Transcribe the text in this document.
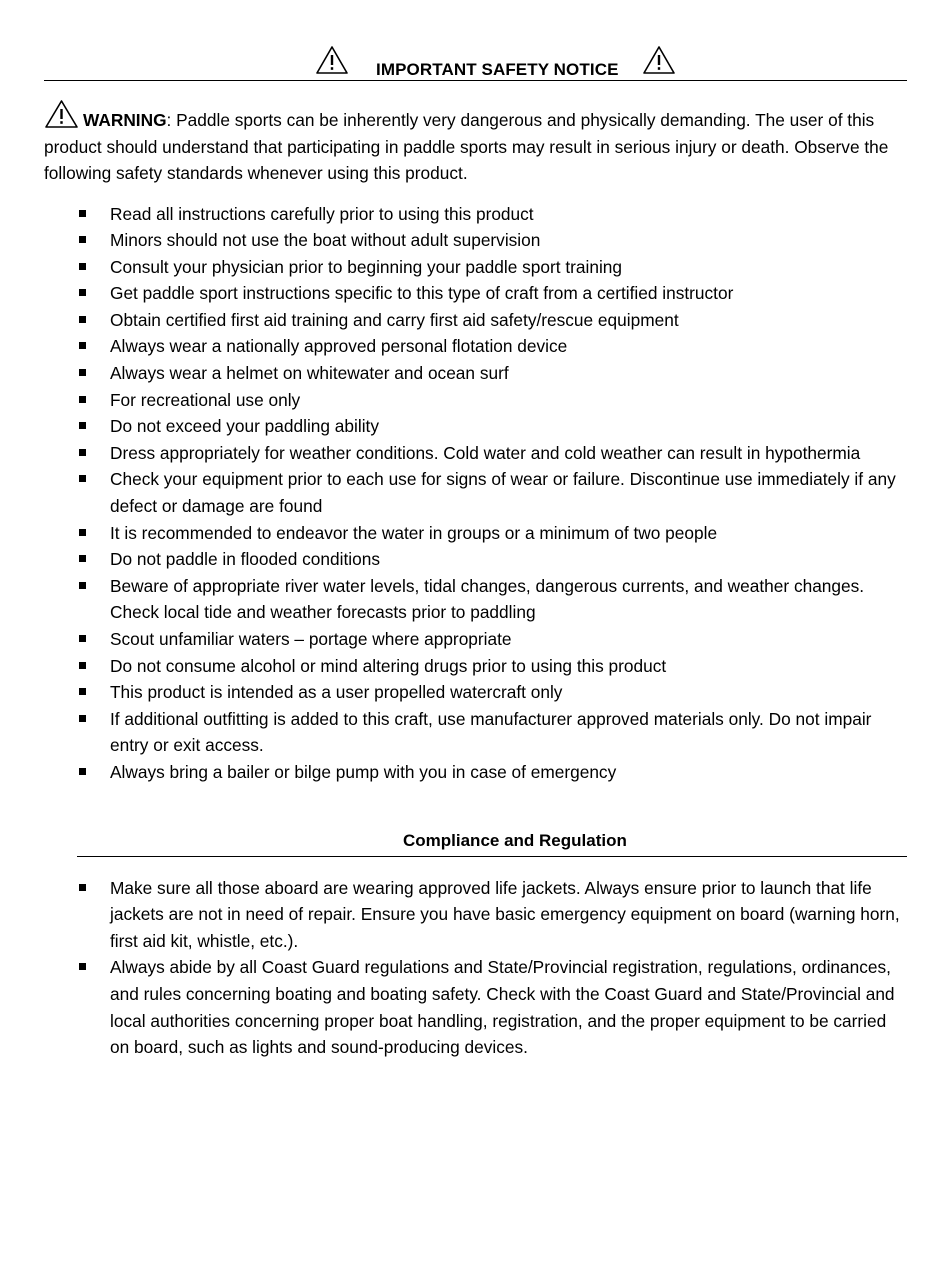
IMPORTANT SAFETY NOTICE
WARNING: Paddle sports can be inherently very dangerous and physically demanding. The user of this product should understand that participating in paddle sports may result in serious injury or death. Observe the following safety standards whenever using this product.
Read all instructions carefully prior to using this product
Minors should not use the boat without adult supervision
Consult your physician prior to beginning your paddle sport training
Get paddle sport instructions specific to this type of craft from a certified instructor
Obtain certified first aid training and carry first aid safety/rescue equipment
Always wear a nationally approved personal flotation device
Always wear a helmet on whitewater and ocean surf
For recreational use only
Do not exceed your paddling ability
Dress appropriately for weather conditions. Cold water and cold weather can result in hypothermia
Check your equipment prior to each use for signs of wear or failure. Discontinue use immediately if any defect or damage are found
It is recommended to endeavor the water in groups or a minimum of two people
Do not paddle in flooded conditions
Beware of appropriate river water levels, tidal changes, dangerous currents, and weather changes. Check local tide and weather forecasts prior to paddling
Scout unfamiliar waters – portage where appropriate
Do not consume alcohol or mind altering drugs prior to using this product
This product is intended as a user propelled watercraft only
If additional outfitting is added to this craft, use manufacturer approved materials only. Do not impair entry or exit access.
Always bring a bailer or bilge pump with you in case of emergency
Compliance and Regulation
Make sure all those aboard are wearing approved life jackets. Always ensure prior to launch that life jackets are not in need of repair. Ensure you have basic emergency equipment on board (warning horn, first aid kit, whistle, etc.).
Always abide by all Coast Guard regulations and State/Provincial registration, regulations, ordinances, and rules concerning boating and boating safety. Check with the Coast Guard and State/Provincial and local authorities concerning proper boat handling, registration, and the proper equipment to be carried on board, such as lights and sound-producing devices.
